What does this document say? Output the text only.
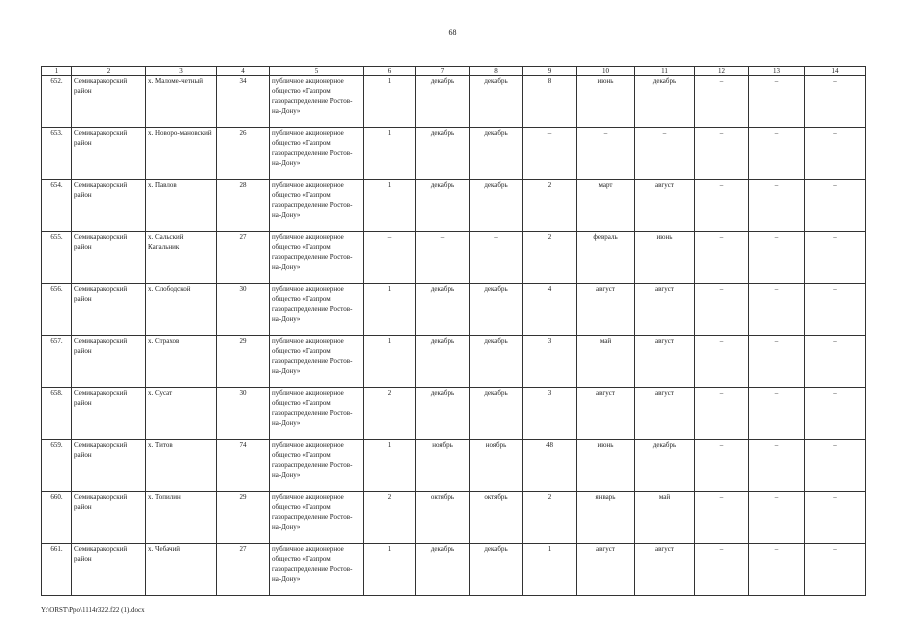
68
1	2	3	4	5	6	7	8	9	10	11	12	13	14
652.	Семикаракорский район	х. Маломе-четный	34	публичное акционерное общество «Газпром газораспределение Ростов-на-Дону»	1	декабрь	декабрь	8	июнь	декабрь	–	–	–
653.	Семикаракорский район	х. Новоро-мановский	26	публичное акционерное общество «Газпром газораспределение Ростов-на-Дону»	1	декабрь	декабрь	–	–	–	–	–	–
654.	Семикаракорский район	х. Павлов	28	публичное акционерное общество «Газпром газораспределение Ростов-на-Дону»	1	декабрь	декабрь	2	март	август	–	–	–
655.	Семикаракорский район	х. Сальский Кагальник	27	публичное акционерное общество «Газпром газораспределение Ростов-на-Дону»	–	–	–	2	февраль	июнь	–	–	–
656.	Семикаракорский район	х. Слободской	30	публичное акционерное общество «Газпром газораспределение Ростов-на-Дону»	1	декабрь	декабрь	4	август	август	–	–	–
657.	Семикаракорский район	х. Страхов	29	публичное акционерное общество «Газпром газораспределение Ростов-на-Дону»	1	декабрь	декабрь	3	май	август	–	–	–
658.	Семикаракорский район	х. Сусат	30	публичное акционерное общество «Газпром газораспределение Ростов-на-Дону»	2	декабрь	декабрь	3	август	август	–	–	–
659.	Семикаракорский район	х. Титов	74	публичное акционерное общество «Газпром газораспределение Ростов-на-Дону»	1	ноябрь	ноябрь	48	июнь	декабрь	–	–	–
660.	Семикаракорский район	х. Топилин	29	публичное акционерное общество «Газпром газораспределение Ростов-на-Дону»	2	октябрь	октябрь	2	январь	май	–	–	–
661.	Семикаракорский район	х. Чебачий	27	публичное акционерное общество «Газпром газораспределение Ростов-на-Дону»	1	декабрь	декабрь	1	август	август	–	–	–
Y:\ORST\Ppo\1114r322.f22 (1).docx
